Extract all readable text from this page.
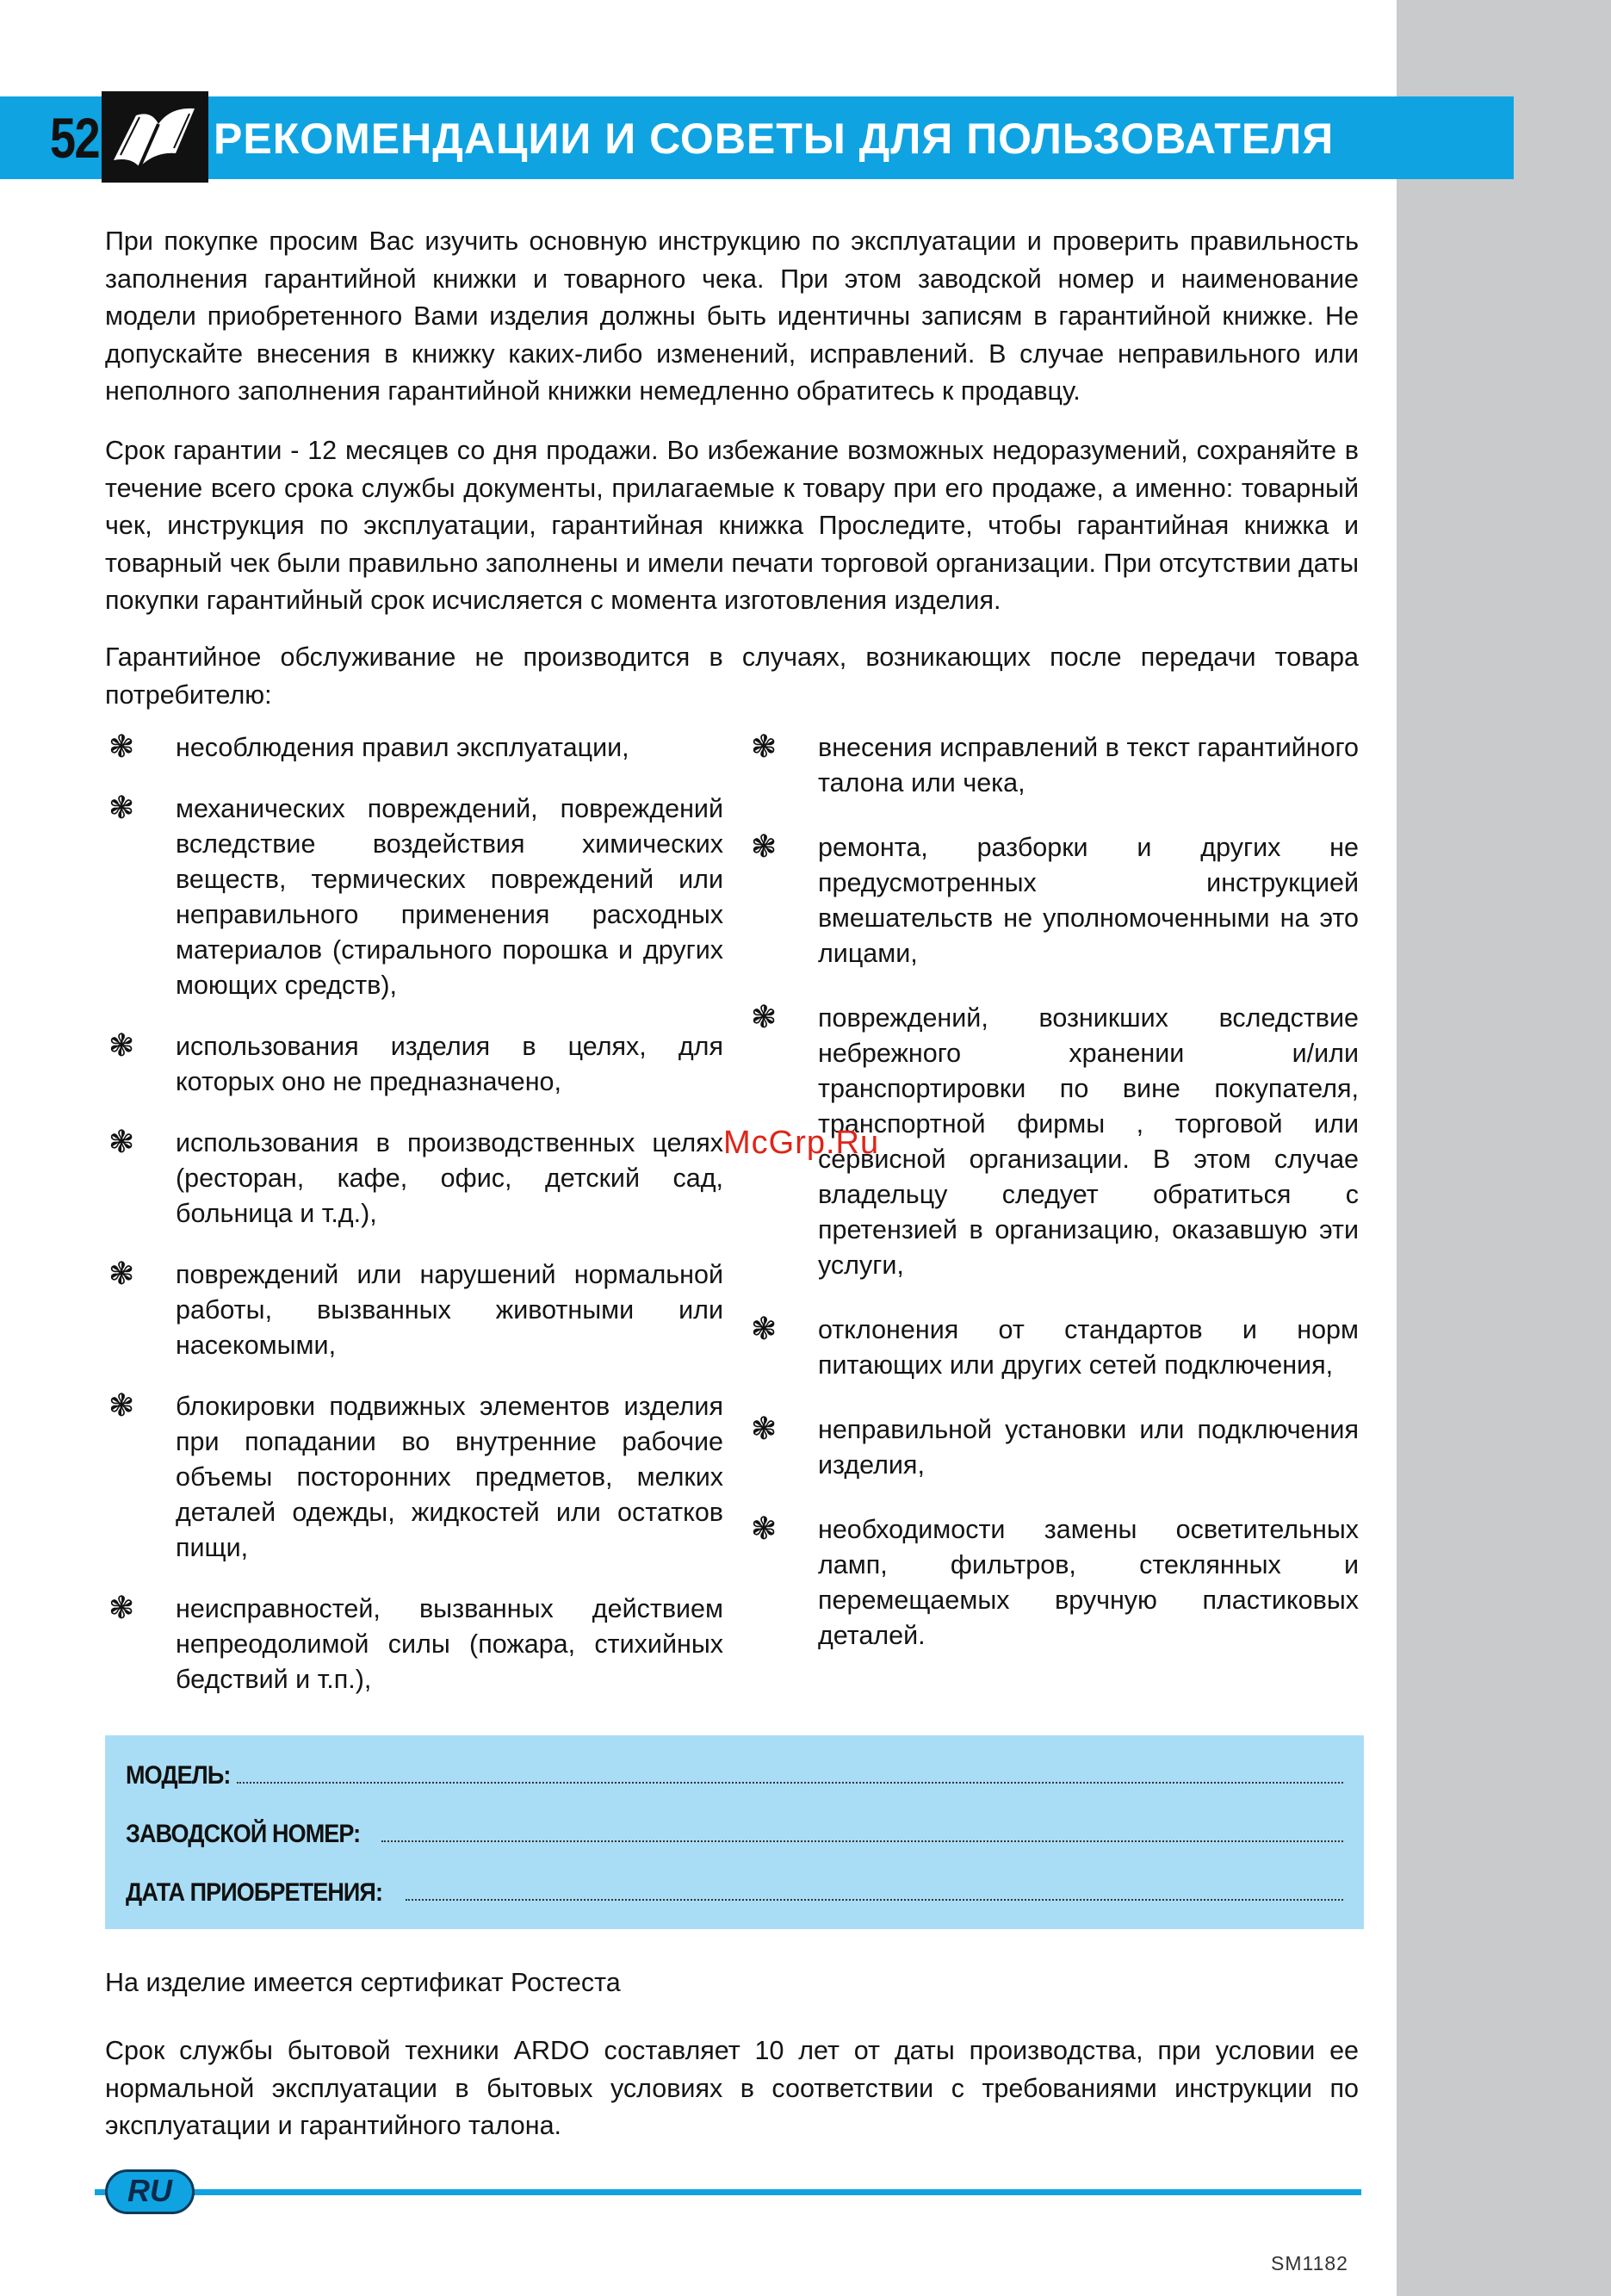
52	РЕКОМЕНДАЦИИ И СОВЕТЫ ДЛЯ ПОЛЬЗОВАТЕЛЯ

При покупке просим Вас изучить основную инструкцию по эксплуатации и проверить правильность заполнения гарантийной книжки и товарного чека. При этом заводской номер и наименование модели приобретенного Вами изделия должны быть идентичны записям в гарантийной книжке. Не допускайте внесения в книжку каких-либо изменений, исправлений. В случае неправильного или неполного заполнения гарантийной книжки немедленно обратитесь к продавцу.

Срок гарантии - 12 месяцев со дня продажи. Во избежание возможных недоразумений, сохраняйте в течение всего срока службы документы, прилагаемые к товару при его продаже, а именно: товарный чек, инструкция по эксплуатации, гарантийная книжка Проследите, чтобы гарантийная книжка и товарный чек были правильно заполнены и имели печати торговой организации. При отсутствии даты покупки гарантийный срок исчисляется с момента изготовления изделия.

Гарантийное обслуживание не производится в случаях, возникающих после передачи товара потребителю:

❃ несоблюдения правил эксплуатации,
❃ механических повреждений, повреждений вследствие воздействия химических веществ, термических повреждений или неправильного применения расходных материалов (стирального порошка и других моющих средств),
❃ использования изделия в целях, для которых оно не предназначено,
❃ использования в производственных целях (ресторан, кафе, офис, детский сад, больница и т.д.),
❃ повреждений или нарушений нормальной работы, вызванных животными или насекомыми,
❃ блокировки подвижных элементов изделия при попадании во внутренние рабочие объемы посторонних предметов, мелких деталей одежды, жидкостей или остатков пищи,
❃ неисправностей, вызванных действием непреодолимой силы (пожара, стихийных бедствий и т.п.),
❃ внесения исправлений в текст гарантийного талона или чека,
❃ ремонта, разборки и других не предусмотренных инструкцией вмешательств не уполномоченными на это лицами,
❃ повреждений, возникших вследствие небрежного хранении и/или транспортировки по вине покупателя, транспортной фирмы , торговой или сервисной организации. В этом случае владельцу следует обратиться с претензией в организацию, оказавшую эти услуги,
❃ отклонения от стандартов и норм питающих или других сетей подключения,
❃ неправильной установки или подключения изделия,
❃ необходимости замены осветительных ламп, фильтров, стеклянных и перемещаемых вручную пластиковых деталей.
McGrp.Ru
МОДЕЛЬ:
ЗАВОДСКОЙ НОМЕР:
ДАТА ПРИОБРЕТЕНИЯ:

На изделие имеется сертификат Ростеста

Срок службы бытовой техники ARDO составляет 10 лет от даты производства, при условии ее нормальной эксплуатации в бытовых условиях в соответствии с требованиями инструкции по эксплуатации и гарантийного талона.

RU
SM1182
